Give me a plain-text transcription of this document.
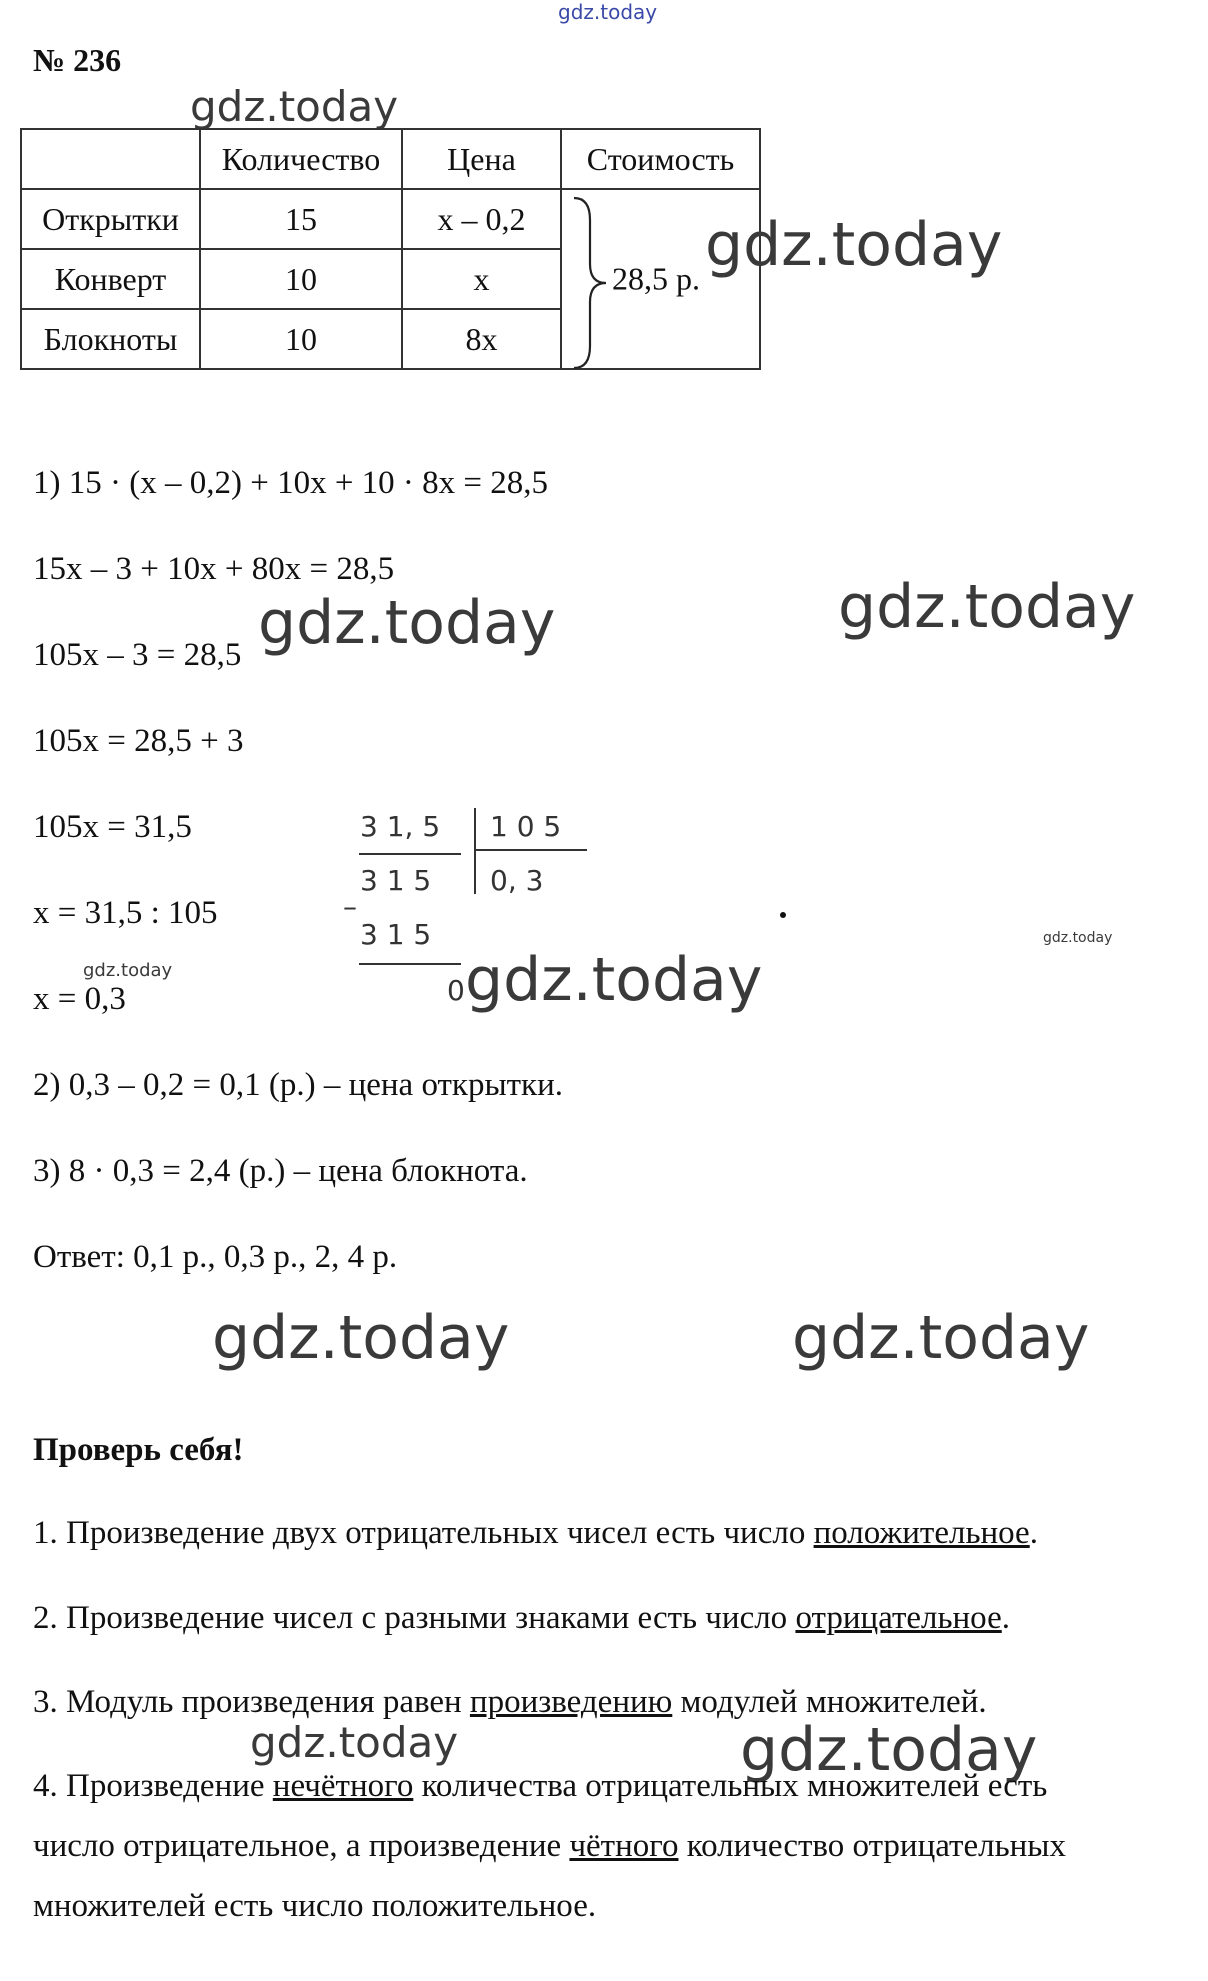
gdz.today
№ 236
gdz.today
	Количество	Цена	Стоимость
Открытки	15	x – 0,2	28,5 р.

Конверт	10	x	
Блокноты	10	8x	
gdz.today
1) 15 · (x – 0,2) + 10x + 10 · 8x = 28,5
15x – 3 + 10x + 80x = 28,5
105x – 3 = 28,5
105x = 28,5 + 3
105x = 31,5
x = 31,5 : 105
x = 0,3
2) 0,3 – 0,2 = 0,1 (р.) – цена открытки.
3) 8 · 0,3 = 2,4 (р.) – цена блокнота.
Ответ: 0,1 р., 0,3 р., 2, 4 р.
gdz.today	gdz.today
3 1, 5 1 0 5
3 1 5 0, 3
–
3 1 5
0
gdz.today	gdz.today
gdz.today
gdz.today	gdz.today
Проверь себя!
1. Произведение двух отрицательных чисел есть число положительное.
2. Произведение чисел с разными знаками есть число отрицательное.
3. Модуль произведения равен произведению модулей множителей.
gdz.today	gdz.today
4. Произведение нечётного количества отрицательных множителей есть
число отрицательное, а произведение чётного количество отрицательных
множителей есть число положительное.
